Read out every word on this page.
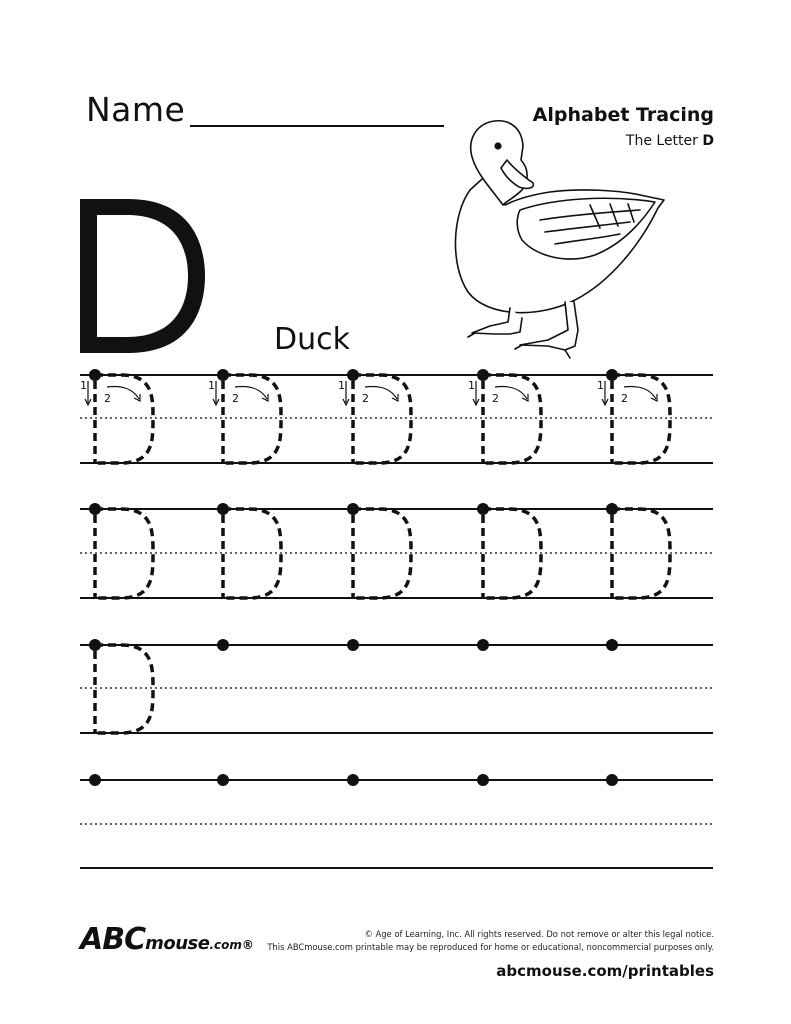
Name	Alphabet Tracing
The Letter D
Duck
1
2
1
2
1
2
1
2
1
2
ABCmouse.com®
© Age of Learning, Inc. All rights reserved. Do not remove or alter this legal notice.
This ABCmouse.com printable may be reproduced for home or educational, noncommercial purposes only.
abcmouse.com/printables
